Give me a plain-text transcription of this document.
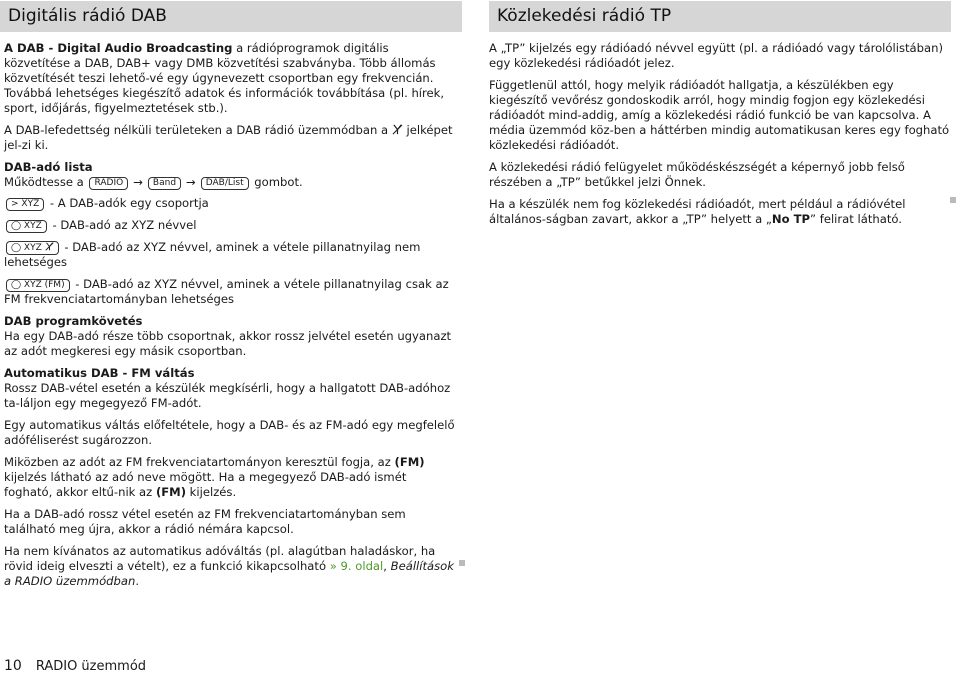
Digitális rádió DAB

A DAB - Digital Audio Broadcasting a rádióprogramok digitális közvetítése a DAB, DAB+ vagy DMB közvetítési szabványba. Több állomás közvetítését teszi lehető-vé egy úgynevezett csoportban egy frekvencián. Továbbá lehetséges kiegészítő adatok és információk továbbítása (pl. hírek, sport, időjárás, figyelmeztetések stb.).

A DAB-lefedettség nélküli területeken a DAB rádió üzemmódban a  jelképet jel-zi ki.

DAB-adó lista

Működtesse a RADIO → Band → DAB/List gombot.

> XYZ - A DAB-adók egy csoportja

◯ XYZ - DAB-adó az XYZ névvel

◯ XYZ  - DAB-adó az XYZ névvel, aminek a vétele pillanatnyilag nem lehetséges

◯ XYZ (FM) - DAB-adó az XYZ névvel, aminek a vétele pillanatnyilag csak az FM frekvenciatartományban lehetséges

DAB programkövetés

Ha egy DAB-adó része több csoportnak, akkor rossz jelvétel esetén ugyanazt az adót megkeresi egy másik csoportban.

Automatikus DAB - FM váltás

Rossz DAB-vétel esetén a készülék megkísérli, hogy a hallgatott DAB-adóhoz ta-láljon egy megegyező FM-adót.

Egy automatikus váltás előfeltétele, hogy a DAB- és az FM-adó egy megfelelő adóféliserést sugározzon.

Miközben az adót az FM frekvenciatartományon keresztül fogja, az (FM) kijelzés látható az adó neve mögött. Ha a megegyező DAB-adó ismét fogható, akkor eltű-nik az (FM) kijelzés.

Ha a DAB-adó rossz vétel esetén az FM frekvenciatartományban sem található meg újra, akkor a rádió némára kapcsol.

Ha nem kívánatos az automatikus adóváltás (pl. alagútban haladáskor, ha rövid ideig elveszti a vételt), ez a funkció kikapcsolható » 9. oldal, Beállítások a RADIO üzemmódban.

Közlekedési rádió TP

A „TP” kijelzés egy rádióadó névvel együtt (pl. a rádióadó vagy tárolólistában) egy közlekedési rádióadót jelez.

Függetlenül attól, hogy melyik rádióadót hallgatja, a készülékben egy kiegészítő vevőrész gondoskodik arról, hogy mindig fogjon egy közlekedési rádióadót mind-addig, amíg a közlekedési rádió funkció be van kapcsolva. A média üzemmód köz-ben a háttérben mindig automatikusan keres egy fogható közlekedési rádióadót.

A közlekedési rádió felügyelet működéskészségét a képernyő jobb felső részében a „TP” betűkkel jelzi Önnek.

Ha a készülék nem fog közlekedési rádióadót, mert például a rádióvétel általános-ságban zavart, akkor a „TP” helyett a „No TP” felirat látható.

10 RADIO üzemmód
